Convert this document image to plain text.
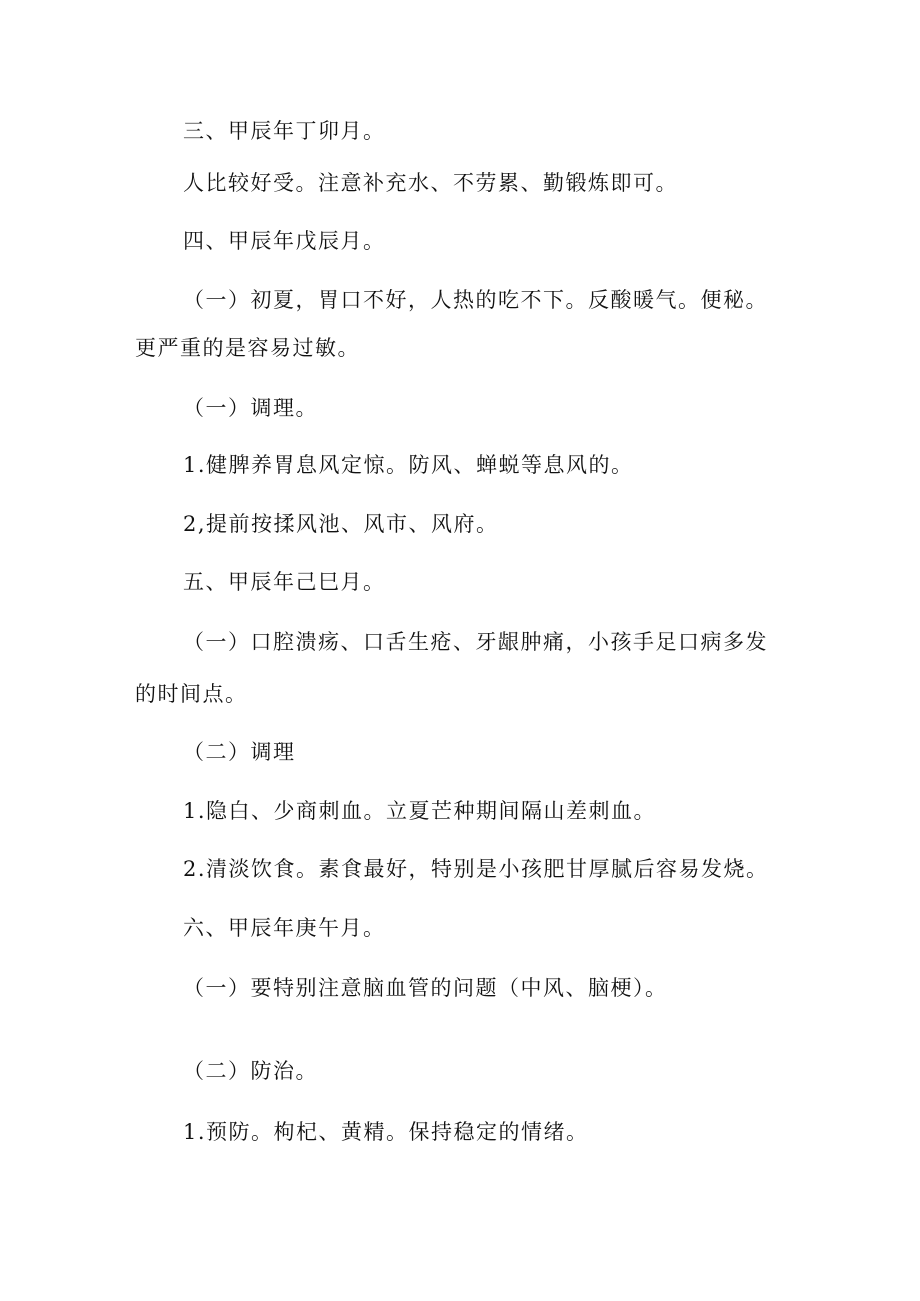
三、甲辰年丁卯月。
人比较好受。注意补充水、不劳累、勤锻炼即可。
四、甲辰年戊辰月。
（一）初夏，胃口不好，人热的吃不下。反酸暖气。便秘。
更严重的是容易过敏。
（一）调理。
1.健脾养胃息风定惊。防风、蝉蜕等息风的。
2,提前按揉风池、风市、风府。
五、甲辰年己巳月。
（一）口腔溃疡、口舌生疮、牙龈肿痛，小孩手足口病多发
的时间点。
（二）调理
1.隐白、少商刺血。立夏芒种期间隔山差刺血。
2.清淡饮食。素食最好，特别是小孩肥甘厚腻后容易发烧。
六、甲辰年庚午月。
（一）要特别注意脑血管的问题（中风、脑梗）。
（二）防治。
1.预防。枸杞、黄精。保持稳定的情绪。
